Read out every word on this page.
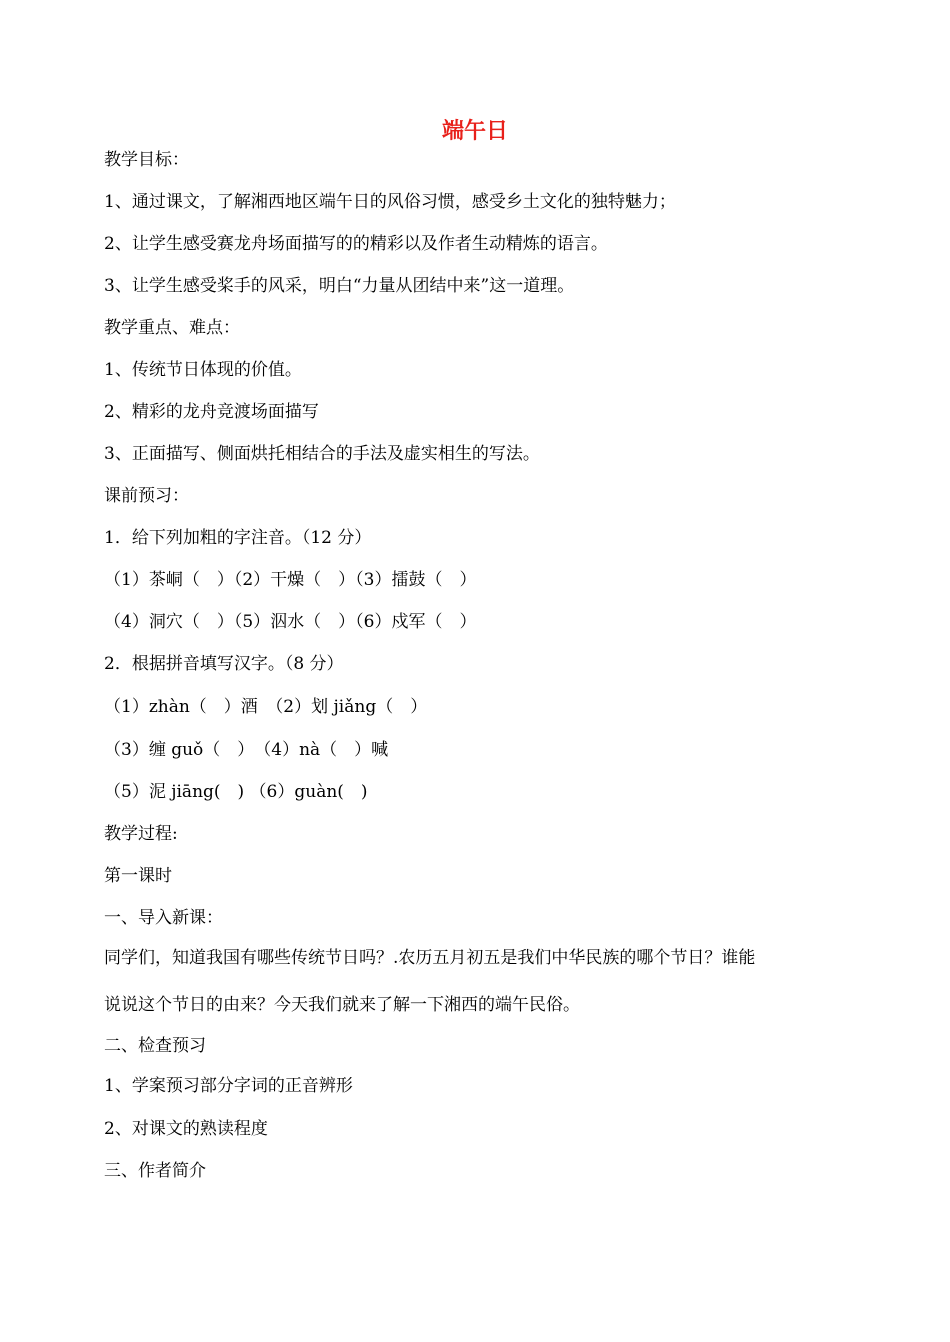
端午日
教学目标：
1、通过课文，了解湘西地区端午日的风俗习惯，感受乡土文化的独特魅力；
2、让学生感受赛龙舟场面描写的的精彩以及作者生动精炼的语言。
3、让学生感受桨手的风采，明白“力量从团结中来”这一道理。
教学重点、难点：
1、传统节日体现的价值。
2、精彩的龙舟竞渡场面描写
3、正面描写、侧面烘托相结合的手法及虚实相生的写法。
课前预习：
1．给下列加粗的字注音。（12 分）
（1）茶峒（　）（2）干燥（　）（3）擂鼓（　）
（4）洞穴（　）（5）泅水（　）（6）戍军（　）
2．根据拼音填写汉字。（8 分）
（1）zhàn（　）酒　（2）划 jiǎng（　）
（3）缠 guǒ（　）　（4）nà（　）喊
（5）泥 jiāng(　) （6）guàn(　)
教学过程:
第一课时
一、导入新课：
同学们，知道我国有哪些传统节日吗？.农历五月初五是我们中华民族的哪个节日？谁能
说说这个节日的由来？今天我们就来了解一下湘西的端午民俗。
二、检查预习
1、学案预习部分字词的正音辨形
2、对课文的熟读程度
三、作者简介
